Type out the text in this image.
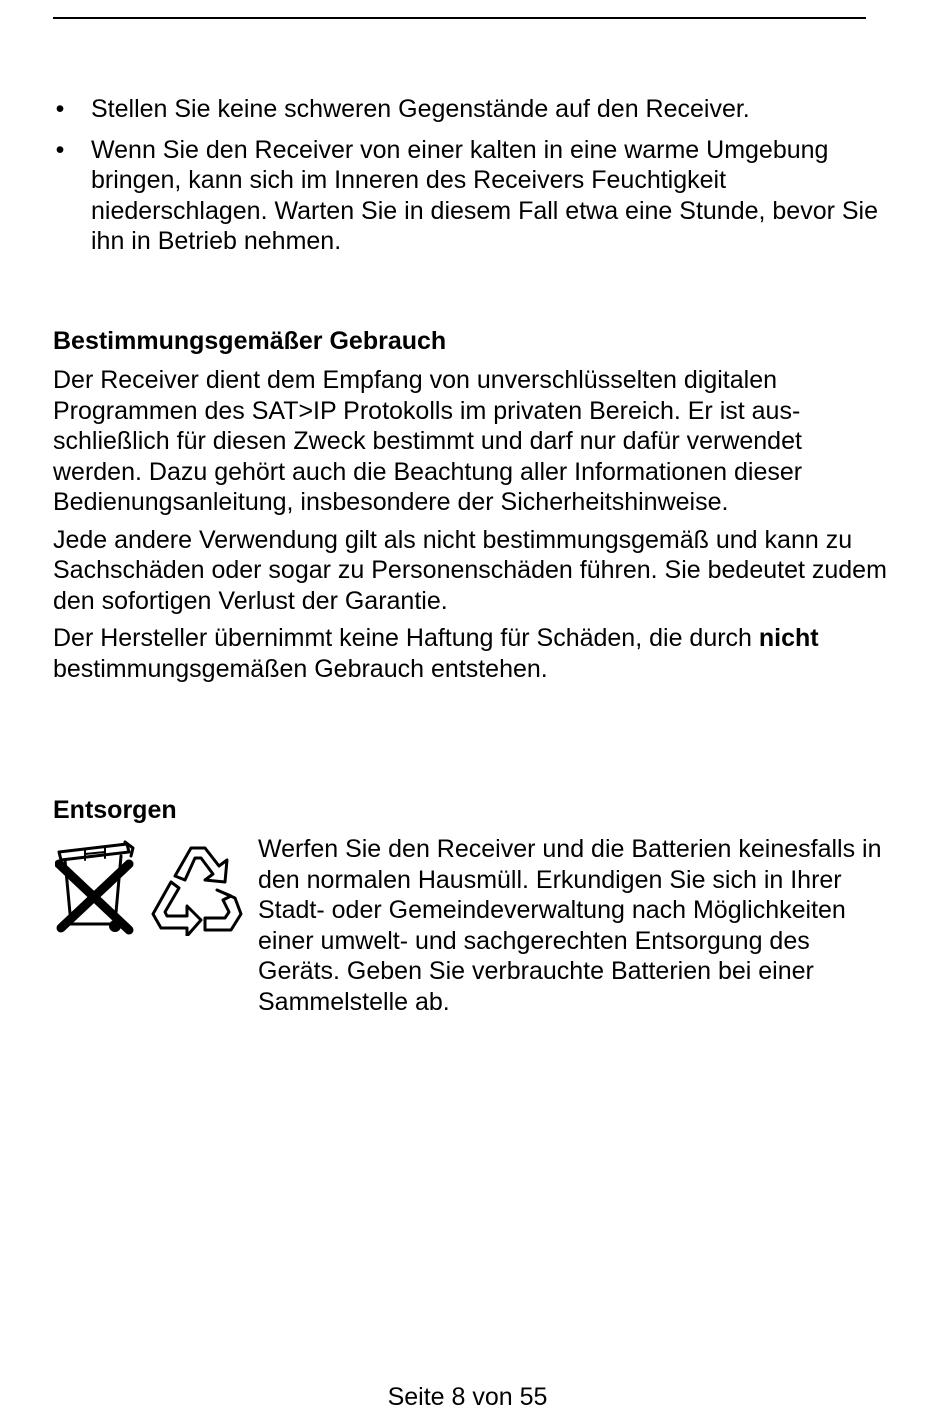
• Stellen Sie keine schweren Gegenstände auf den Receiver.
• Wenn Sie den Receiver von einer kalten in eine warme Umgebung bringen, kann sich im Inneren des Receivers Feuchtigkeit niederschlagen. Warten Sie in diesem Fall etwa eine Stunde, bevor Sie ihn in Betrieb nehmen.
Bestimmungsgemäßer Gebrauch

Der Receiver dient dem Empfang von unverschlüsselten digitalen Programmen des SAT>IP Protokolls im privaten Bereich. Er ist aus-schließlich für diesen Zweck bestimmt und darf nur dafür verwendet werden. Dazu gehört auch die Beachtung aller Informationen dieser Bedienungsanleitung, insbesondere der Sicherheitshinweise.

Jede andere Verwendung gilt als nicht bestimmungsgemäß und kann zu Sachschäden oder sogar zu Personenschäden führen. Sie bedeutet zudem den sofortigen Verlust der Garantie.

Der Hersteller übernimmt keine Haftung für Schäden, die durch nicht bestimmungsgemäßen Gebrauch entstehen.

Entsorgen
Werfen Sie den Receiver und die Batterien keinesfalls in den normalen Hausmüll. Erkundigen Sie sich in Ihrer Stadt- oder Gemeindeverwaltung nach Möglichkeiten einer umwelt- und sachgerechten Entsorgung des Geräts. Geben Sie verbrauchte Batterien bei einer Sammelstelle ab.
Seite 8 von 55
